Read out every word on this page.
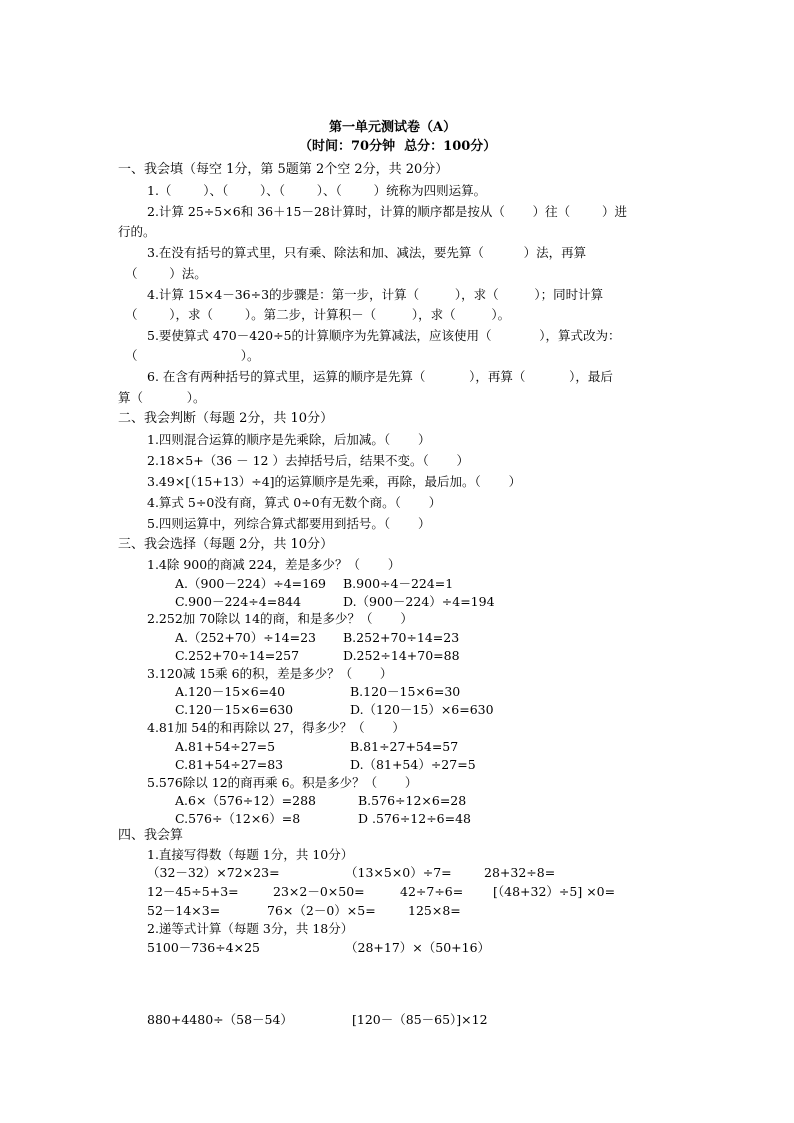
第一单元测试卷（A）
（时间：70分钟  总分：100分）
一、我会填（每空 1分，第 5题第 2个空 2分，共 20分）
1.（        ）、（        ）、（        ）、（        ）统称为四则运算。
2.计算 25÷5×6和 36＋15－28计算时，计算的顺序都是按从（       ）往（        ）进
行的。
3.在没有括号的算式里，只有乘、除法和加、减法，要先算（          ）法，再算
（        ）法。
4.计算 15×4－36÷3的步骤是：第一步，计算（         ），求（         ）；同时计算
（        ），求（        ）。第二步，计算积－（         ），求（         ）。
5.要使算式 470－420÷5的计算顺序为先算减法，应该使用（            ），算式改为：
（                          ）。
6. 在含有两种括号的算式里，运算的顺序是先算（           ），再算（           ），最后
算（           ）。
二、我会判断（每题 2分，共 10分）
1.四则混合运算的顺序是先乘除，后加减。（       ）
2.18×5+（36 － 12 ）去掉括号后，结果不变。（       ）
3.49×[（15+13）÷4]的运算顺序是先乘，再除，最后加。（       ）
4.算式 5÷0没有商，算式 0÷0有无数个商。（       ）
5.四则运算中，列综合算式都要用到括号。（       ）
三、我会选择（每题 2分，共 10分）
1.4除 900的商减 224，差是多少？（       ）
A.（900－224）÷4=169 B.900÷4－224=1
C.900－224÷4=844	D.（900－224）÷4=194
2.252加 70除以 14的商，和是多少？（       ）
A.（252+70）÷14=23 B.252+70÷14=23
C.252+70÷14=257	D.252÷14+70=88
3.120减 15乘 6的积，差是多少？（       ）
A.120－15×6=40	B.120－15×6=30
C.120－15×6=630	D.（120－15）×6=630
4.81加 54的和再除以 27，得多少？（       ）
A.81+54÷27=5	B.81÷27+54=57
C.81+54÷27=83	D.（81+54）÷27=5
5.576除以 12的商再乘 6。积是多少？（       ）
A.6×（576÷12）=288	B.576÷12×6=28
C.576÷（12×6）=8	D .576÷12÷6=48
四、我会算
1.直接写得数（每题 1分，共 10分）
（32－32）×72×23=	（13×5×0）÷7=	28+32÷8=
12－45÷5+3=	23×2－0×50=	42÷7÷6= [（48+32）÷5] ×0=
52－14×3=	76×（2－0）×5=	125×8=
2.递等式计算（每题 3分，共 18分）
5100－736÷4×25	（28+17）×（50+16）
880+4480÷（58－54）	[120－（85－65）]×12
